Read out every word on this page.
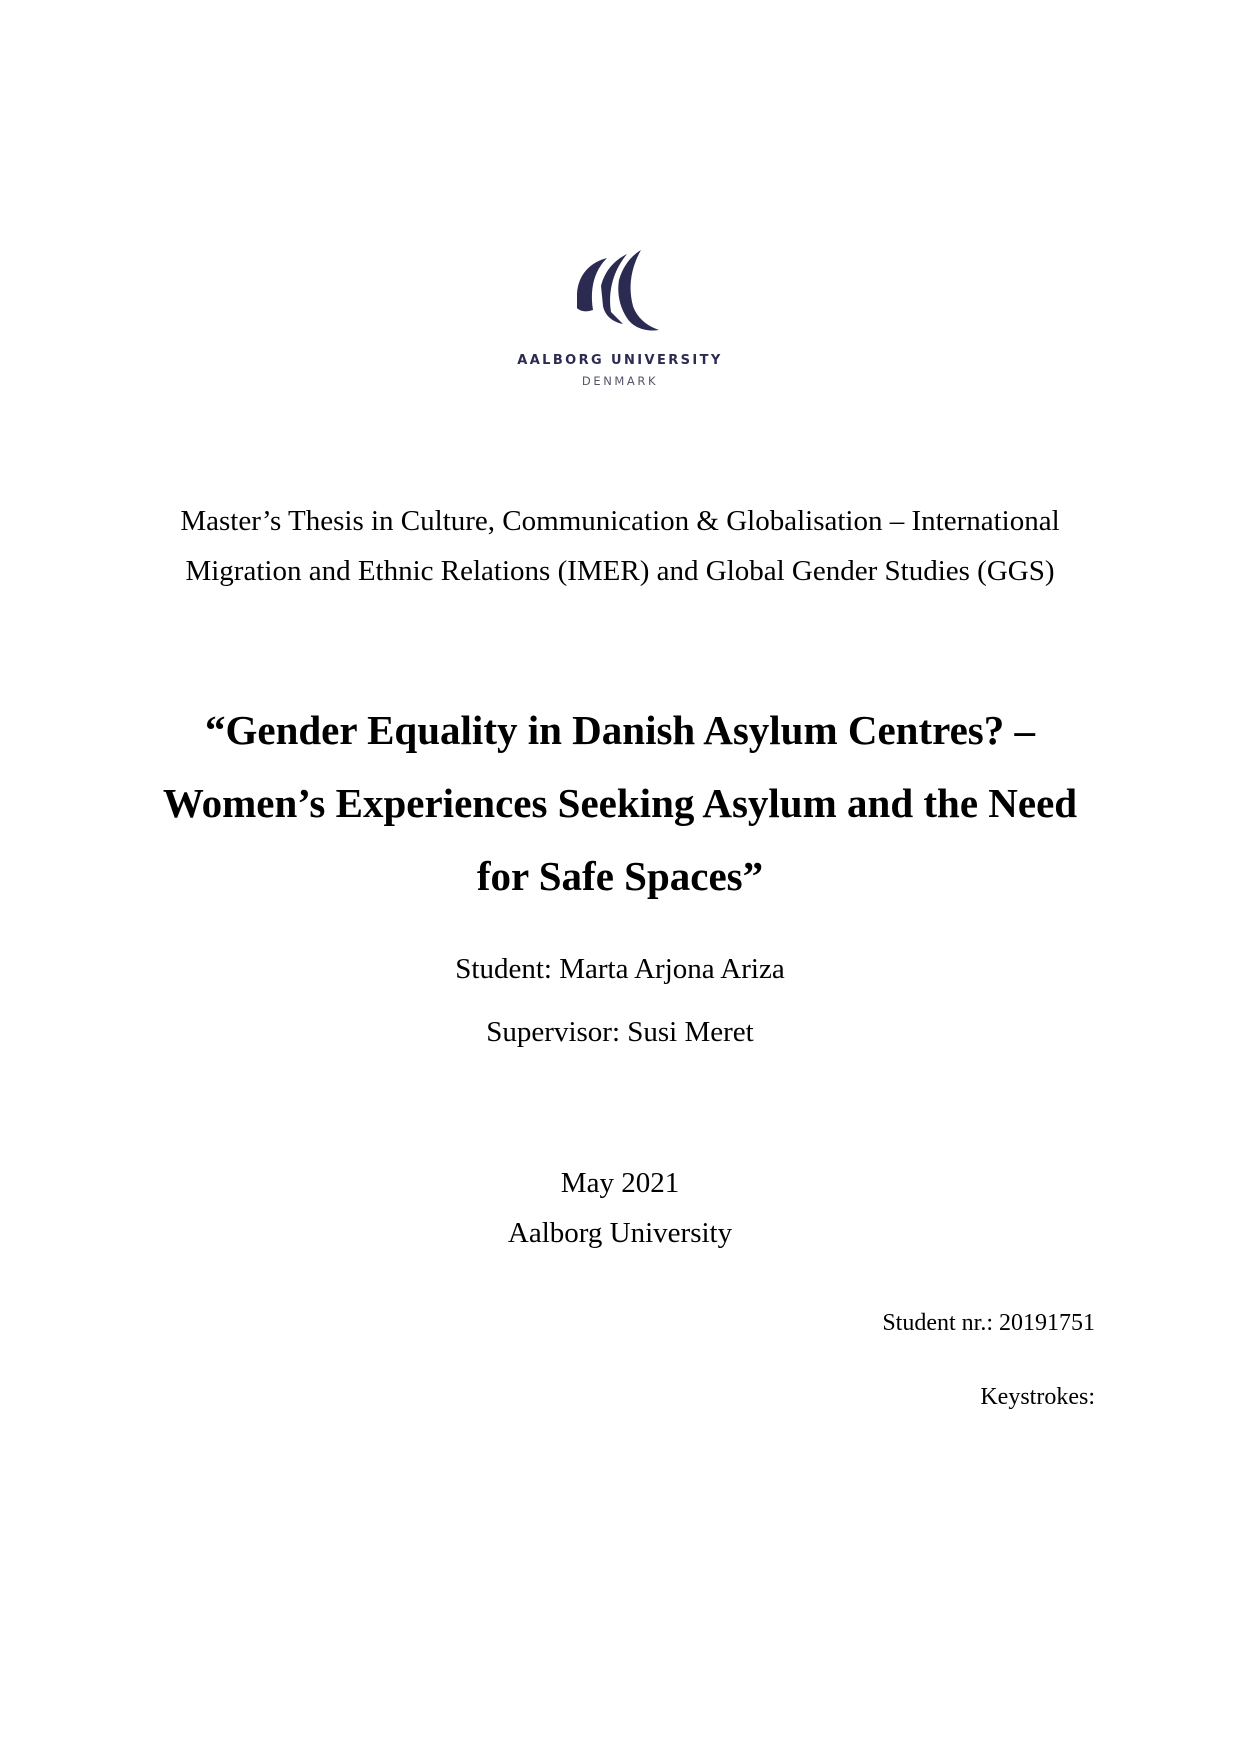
AALBORG UNIVERSITY
DENMARK
Master’s Thesis in Culture, Communication & Globalisation – International
Migration and Ethnic Relations (IMER) and Global Gender Studies (GGS)
“Gender Equality in Danish Asylum Centres? –
Women’s Experiences Seeking Asylum and the Need
for Safe Spaces”
Student: Marta Arjona Ariza
Supervisor: Susi Meret
May 2021
Aalborg University
Student nr.: 20191751
Keystrokes:
